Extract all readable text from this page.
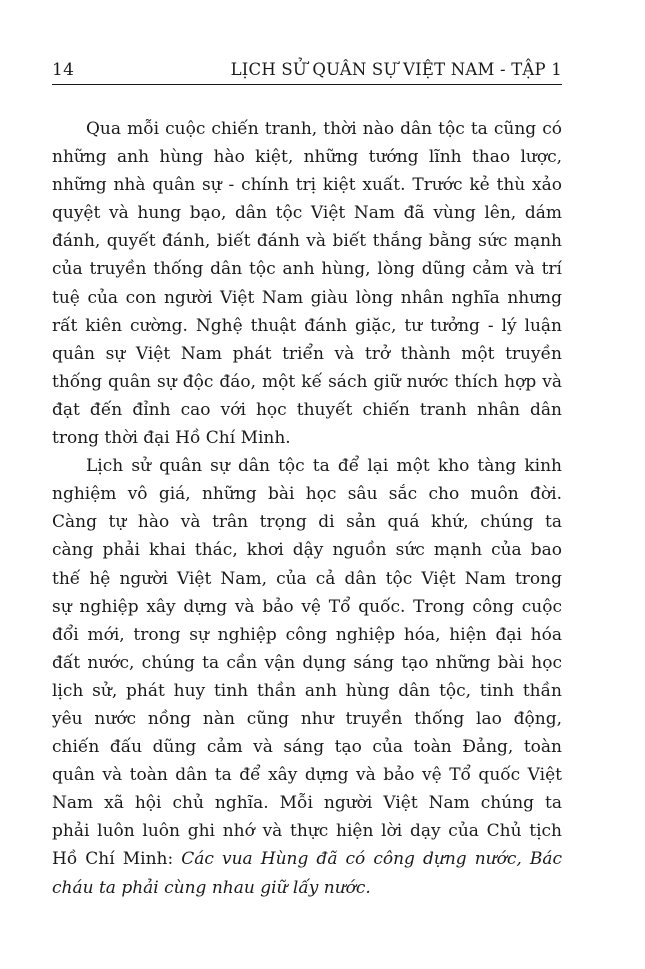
14	LỊCH SỬ QUÂN SỰ VIỆT NAM - TẬP 1
Qua mỗi cuộc chiến tranh, thời nào dân tộc ta cũng có
những anh hùng hào kiệt, những tướng lĩnh thao lược,
những nhà quân sự - chính trị kiệt xuất. Trước kẻ thù xảo
quyệt và hung bạo, dân tộc Việt Nam đã vùng lên, dám
đánh, quyết đánh, biết đánh và biết thắng bằng sức mạnh
của truyền thống dân tộc anh hùng, lòng dũng cảm và trí
tuệ của con người Việt Nam giàu lòng nhân nghĩa nhưng
rất kiên cường. Nghệ thuật đánh giặc, tư tưởng - lý luận
quân sự Việt Nam phát triển và trở thành một truyền
thống quân sự độc đáo, một kế sách giữ nước thích hợp và
đạt đến đỉnh cao với học thuyết chiến tranh nhân dân
trong thời đại Hồ Chí Minh.
Lịch sử quân sự dân tộc ta để lại một kho tàng kinh
nghiệm vô giá, những bài học sâu sắc cho muôn đời.
Càng tự hào và trân trọng di sản quá khứ, chúng ta
càng phải khai thác, khơi dậy nguồn sức mạnh của bao
thế hệ người Việt Nam, của cả dân tộc Việt Nam trong
sự nghiệp xây dựng và bảo vệ Tổ quốc. Trong công cuộc
đổi mới, trong sự nghiệp công nghiệp hóa, hiện đại hóa
đất nước, chúng ta cần vận dụng sáng tạo những bài học
lịch sử, phát huy tinh thần anh hùng dân tộc, tinh thần
yêu nước nồng nàn cũng như truyền thống lao động,
chiến đấu dũng cảm và sáng tạo của toàn Đảng, toàn
quân và toàn dân ta để xây dựng và bảo vệ Tổ quốc Việt
Nam xã hội chủ nghĩa. Mỗi người Việt Nam chúng ta
phải luôn luôn ghi nhớ và thực hiện lời dạy của Chủ tịch
Hồ Chí Minh: Các vua Hùng đã có công dựng nước, Bác
cháu ta phải cùng nhau giữ lấy nước.
